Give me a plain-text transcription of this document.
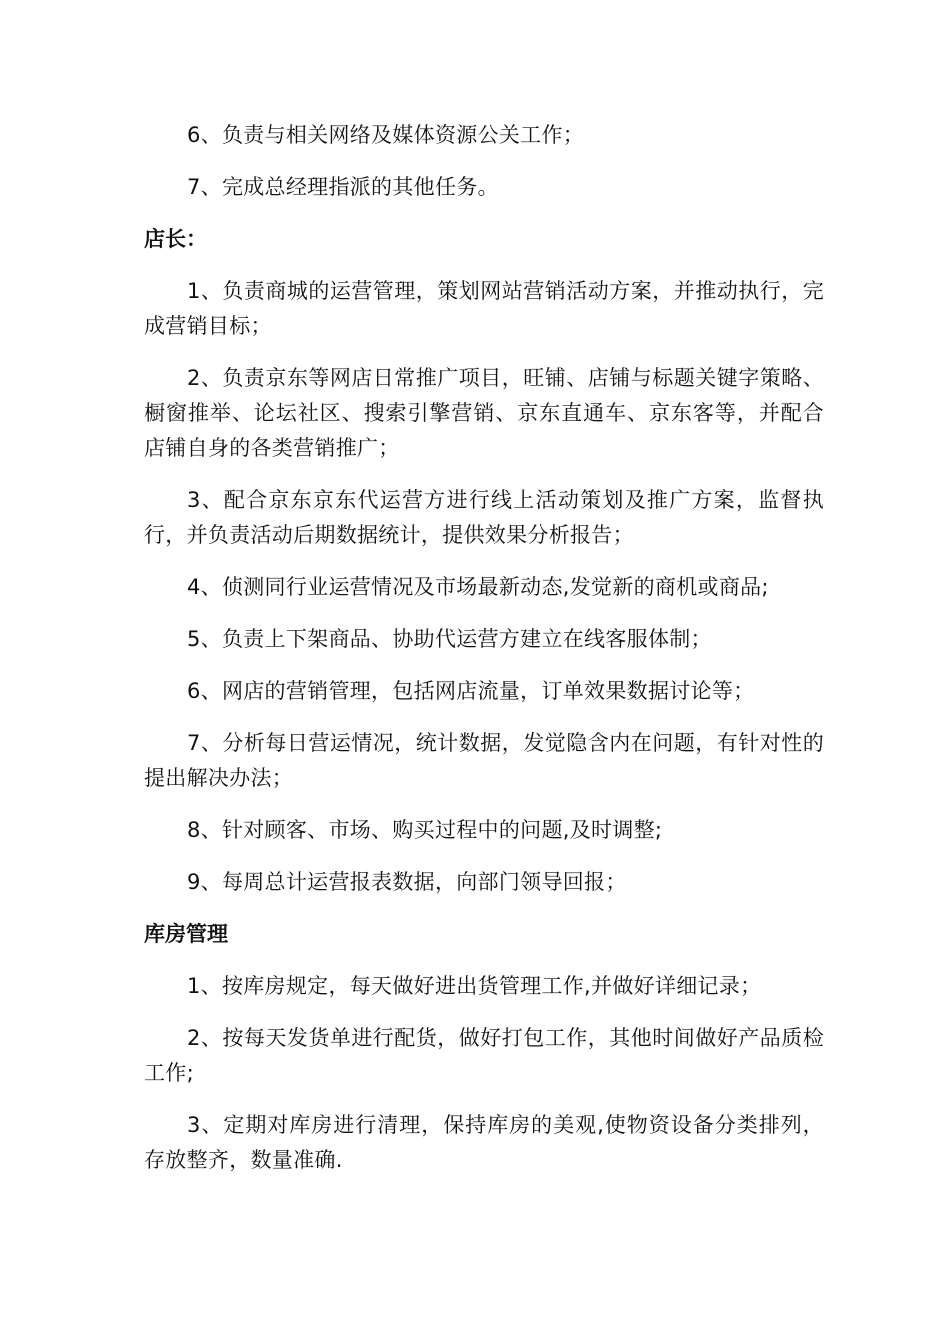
6、负责与相关网络及媒体资源公关工作；

7、完成总经理指派的其他任务。

店长：

1、负责商城的运营管理，策划网站营销活动方案，并推动执行，完成营销目标；

2、负责京东等网店日常推广项目，旺铺、店铺与标题关键字策略、橱窗推举、论坛社区、搜索引擎营销、京东直通车、京东客等，并配合店铺自身的各类营销推广；

3、配合京东京东代运营方进行线上活动策划及推广方案，监督执行，并负责活动后期数据统计，提供效果分析报告；

4、侦测同行业运营情况及市场最新动态,发觉新的商机或商品;

5、负责上下架商品、协助代运营方建立在线客服体制；

6、网店的营销管理，包括网店流量，订单效果数据讨论等；

7、分析每日营运情况，统计数据，发觉隐含内在问题，有针对性的提出解决办法；

8、针对顾客、市场、购买过程中的问题,及时调整;

9、每周总计运营报表数据，向部门领导回报；

库房管理

1、按库房规定，每天做好进出货管理工作,并做好详细记录；

2、按每天发货单进行配货，做好打包工作，其他时间做好产品质检工作;

3、定期对库房进行清理，保持库房的美观,使物资设备分类排列，存放整齐，数量准确.
